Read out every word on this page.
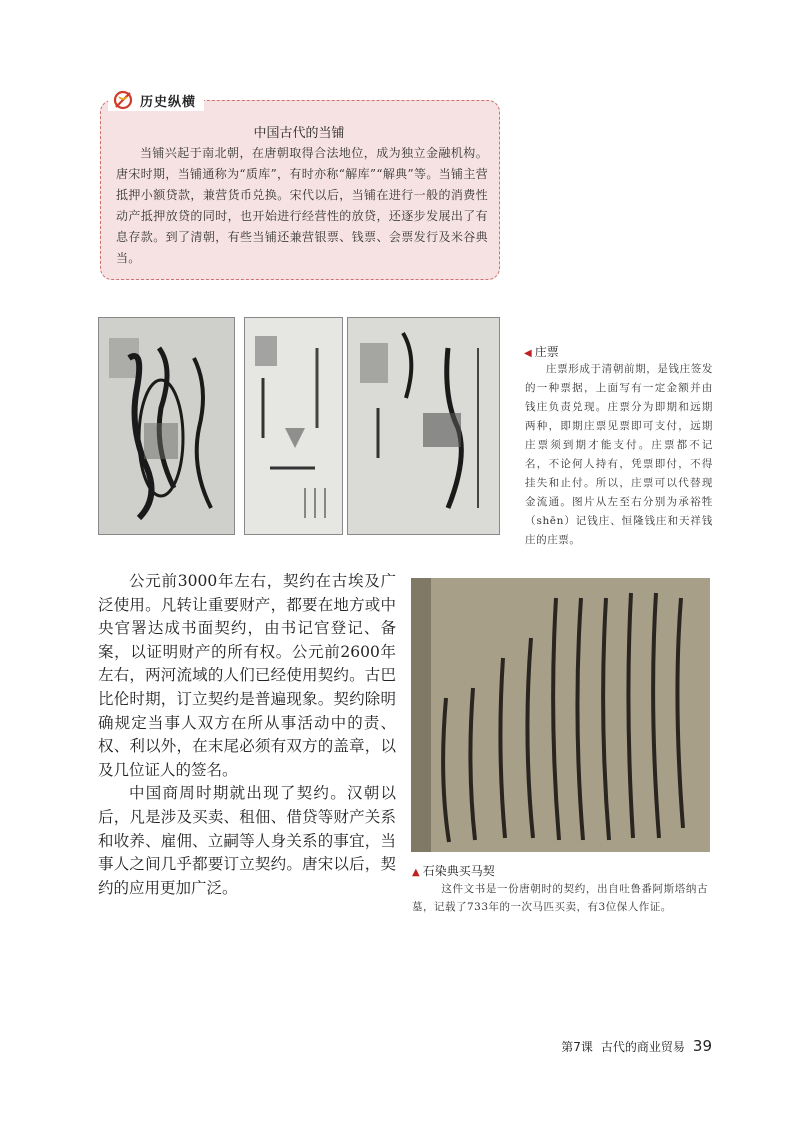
历史纵横
中国古代的当铺
当铺兴起于南北朝，在唐朝取得合法地位，成为独立金融机构。唐宋时期，当铺通称为“质库”，有时亦称“解库”“解典”等。当铺主营抵押小额贷款，兼营货币兑换。宋代以后，当铺在进行一般的消费性动产抵押放贷的同时，也开始进行经营性的放贷，还逐步发展出了有息存款。到了清朝，有些当铺还兼营银票、钱票、会票发行及米谷典当。
◀ 庄票
庄票形成于清朝前期，是钱庄签发的一种票据，上面写有一定金额并由钱庄负责兑现。庄票分为即期和远期两种，即期庄票见票即可支付，远期庄票须到期才能支付。庄票都不记名，不论何人持有，凭票即付，不得挂失和止付。所以，庄票可以代替现金流通。图片从左至右分别为承裕牲（shēn）记钱庄、恒隆钱庄和天祥钱庄的庄票。

公元前3000年左右，契约在古埃及广泛使用。凡转让重要财产，都要在地方或中央官署达成书面契约，由书记官登记、备案，以证明财产的所有权。公元前2600年左右，两河流域的人们已经使用契约。古巴比伦时期，订立契约是普遍现象。契约除明确规定当事人双方在所从事活动中的责、权、利以外，在末尾必须有双方的盖章，以及几位证人的签名。

中国商周时期就出现了契约。汉朝以后，凡是涉及买卖、租佃、借贷等财产关系和收养、雇佣、立嗣等人身关系的事宜，当事人之间几乎都要订立契约。唐宋以后，契约的应用更加广泛。

▲ 石染典买马契
这件文书是一份唐朝时的契约，出自吐鲁番阿斯塔纳古墓，记载了733年的一次马匹买卖，有3位保人作证。
第7课 古代的商业贸易 39
